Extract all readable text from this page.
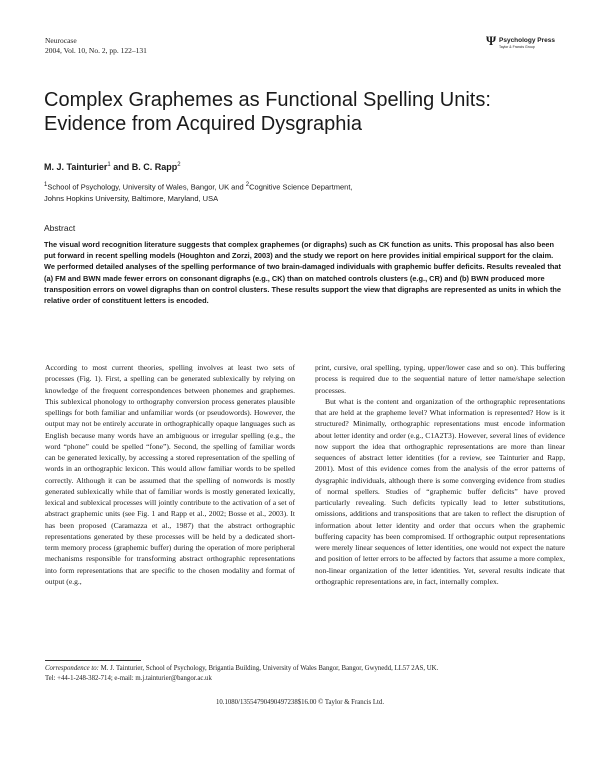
Neurocase
2004, Vol. 10, No. 2, pp. 122–131
Ψ Psychology Press
Taylor & Francis Group
Complex Graphemes as Functional Spelling Units:
Evidence from Acquired Dysgraphia
M. J. Tainturier$^1$ and B. C. Rapp$^2$
$^1$School of Psychology, University of Wales, Bangor, UK and $^2$Cognitive Science Department,
Johns Hopkins University, Baltimore, Maryland, USA
Abstract
The visual word recognition literature suggests that complex graphemes (or digraphs) such as CK function as units. This proposal has also been put forward in recent spelling models (Houghton and Zorzi, 2003) and the study we report on here provides initial empirical support for the claim. We performed detailed analyses of the spelling performance of two brain-damaged individuals with graphemic buffer deficits. Results revealed that (a) FM and BWN made fewer errors on consonant digraphs (e.g., CK) than on matched controls clusters (e.g., CR) and (b) BWN produced more transposition errors on vowel digraphs than on control clusters. These results support the view that digraphs are represented as units in which the relative order of constituent letters is encoded.

According to most current theories, spelling involves at least two sets of processes (Fig. 1). First, a spelling can be generated sublexically by relying on knowledge of the frequent correspondences between phonemes and graphemes. This sublexical phonology to orthography conversion process generates plausible spellings for both familiar and unfamiliar words (or pseudowords). However, the output may not be entirely accurate in orthographically opaque languages such as English because many words have an ambiguous or irregular spelling (e.g., the word “phone” could be spelled “fone”). Second, the spelling of familiar words can be generated lexically, by accessing a stored representation of the spelling of words in an orthographic lexicon. This would allow familiar words to be spelled correctly. Although it can be assumed that the spelling of nonwords is mostly generated sublexically while that of familiar words is mostly generated lexically, lexical and sublexical processes will jointly contribute to the activation of a set of abstract graphemic units (see Fig. 1 and Rapp et al., 2002; Bosse et al., 2003). It has been proposed (Caramazza et al., 1987) that the abstract orthographic representations generated by these processes will be held by a dedicated short-term memory process (graphemic buffer) during the operation of more peripheral mechanisms responsible for transforming abstract orthographic representations into form representations that are specific to the chosen modality and format of output (e.g.,

print, cursive, oral spelling, typing, upper/lower case and so on). This buffering process is required due to the sequential nature of letter name/shape selection processes.

But what is the content and organization of the orthographic representations that are held at the grapheme level? What information is represented? How is it structured? Minimally, orthographic representations must encode information about letter identity and order (e.g., C1A2T3). However, several lines of evidence now support the idea that orthographic representations are more than linear sequences of abstract letter identities (for a review, see Tainturier and Rapp, 2001). Most of this evidence comes from the analysis of the error patterns of dysgraphic individuals, although there is some converging evidence from studies of normal spellers. Studies of “graphemic buffer deficits” have proved particularly revealing. Such deficits typically lead to letter substitutions, omissions, additions and transpositions that are taken to reflect the disruption of information about letter identity and order that occurs when the graphemic buffering capacity has been compromised. If orthographic output representations were merely linear sequences of letter identities, one would not expect the nature and position of letter errors to be affected by factors that assume a more complex, non-linear organization of the letter identities. Yet, several results indicate that orthographic representations are, in fact, internally complex.

Correspondence to: M. J. Tainturier, School of Psychology, Brigantia Building, University of Wales Bangor, Bangor, Gwynedd, LL57 2AS, UK.
Tel: +44-1-248-382-714; e-mail: m.j.tainturier@bangor.ac.uk
10.1080/13554790490497238$16.00 © Taylor & Francis Ltd.
